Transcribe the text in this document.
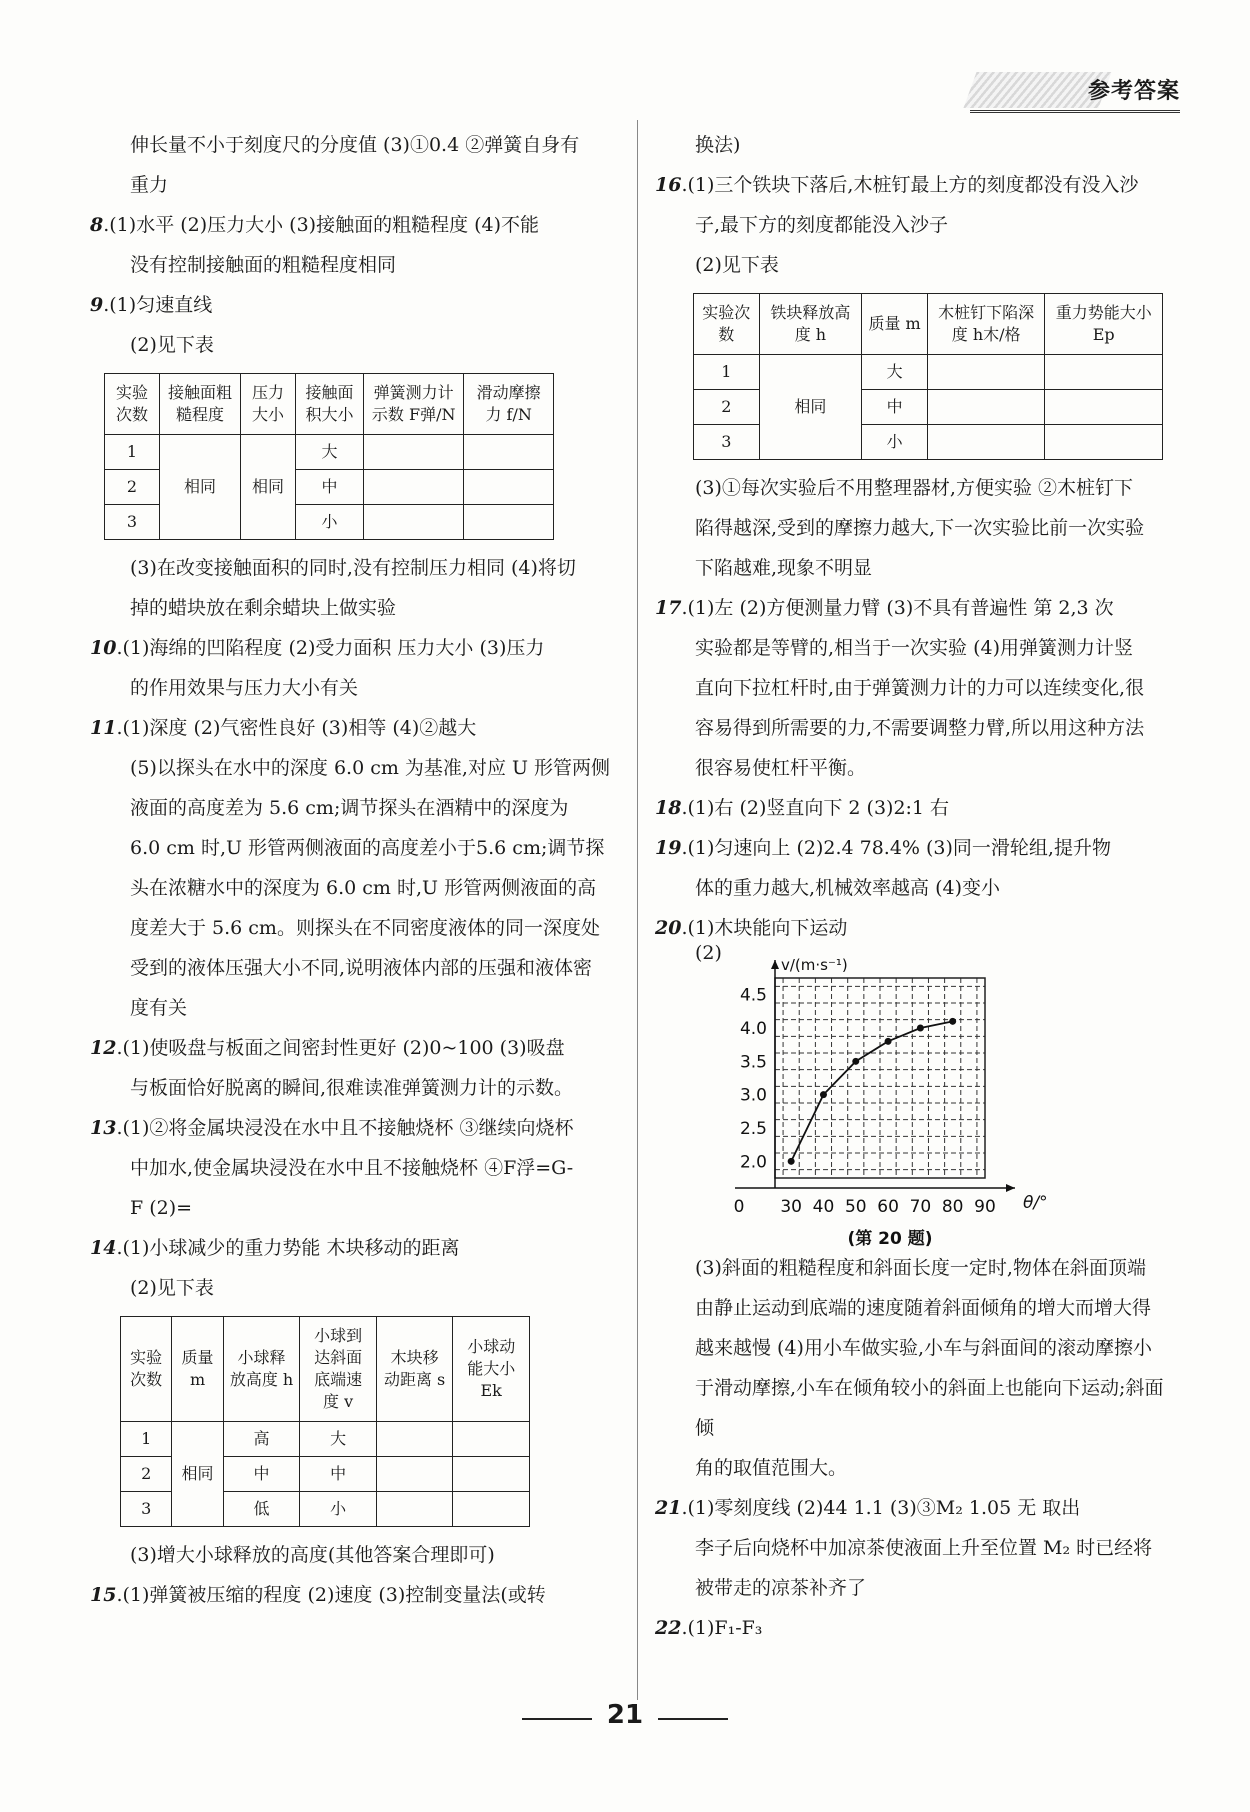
参考答案

伸长量不小于刻度尺的分度值 (3)①0.4 ②弹簧自身有

重力

8.(1)水平 (2)压力大小 (3)接触面的粗糙程度 (4)不能

没有控制接触面的粗糙程度相同

9.(1)匀速直线

(2)见下表

实验次数	接触面粗糙程度	压力大小	接触面积大小	弹簧测力计示数 F弹/N	滑动摩擦力 f/N
1	相同	相同	大		
2			中		
3			小		

(3)在改变接触面积的同时,没有控制压力相同 (4)将切

掉的蜡块放在剩余蜡块上做实验

10.(1)海绵的凹陷程度 (2)受力面积 压力大小 (3)压力

的作用效果与压力大小有关

11.(1)深度 (2)气密性良好 (3)相等 (4)②越大

(5)以探头在水中的深度 6.0 cm 为基准,对应 U 形管两侧

液面的高度差为 5.6 cm;调节探头在酒精中的深度为

6.0 cm 时,U 形管两侧液面的高度差小于5.6 cm;调节探

头在浓糖水中的深度为 6.0 cm 时,U 形管两侧液面的高

度差大于 5.6 cm。则探头在不同密度液体的同一深度处

受到的液体压强大小不同,说明液体内部的压强和液体密

度有关

12.(1)使吸盘与板面之间密封性更好 (2)0~100 (3)吸盘

与板面恰好脱离的瞬间,很难读准弹簧测力计的示数。

13.(1)②将金属块浸没在水中且不接触烧杯 ③继续向烧杯

中加水,使金属块浸没在水中且不接触烧杯 ④F浮=G-

F (2)=

14.(1)小球减少的重力势能 木块移动的距离

(2)见下表

实验次数	质量 m	小球释放高度 h	小球到达斜面底端速度 v	木块移动距离 s	小球动能大小 Ek
1	相同	高	大		
2		中	中		
3		低	小		

(3)增大小球释放的高度(其他答案合理即可)

15.(1)弹簧被压缩的程度 (2)速度 (3)控制变量法(或转

换法)

16.(1)三个铁块下落后,木桩钉最上方的刻度都没有没入沙

子,最下方的刻度都能没入沙子

(2)见下表

实验次数	铁块释放高度 h	质量 m	木桩钉下陷深度 h木/格	重力势能大小 Ep
1	相同	大		
2		中		
3		小		

(3)①每次实验后不用整理器材,方便实验 ②木桩钉下

陷得越深,受到的摩擦力越大,下一次实验比前一次实验

下陷越难,现象不明显

17.(1)左 (2)方便测量力臂 (3)不具有普遍性 第 2,3 次

实验都是等臂的,相当于一次实验 (4)用弹簧测力计竖

直向下拉杠杆时,由于弹簧测力计的力可以连续变化,很

容易得到所需要的力,不需要调整力臂,所以用这种方法

很容易使杠杆平衡。

18.(1)右 (2)竖直向下 2 (3)2:1 右

19.(1)匀速向上 (2)2.4 78.4% (3)同一滑轮组,提升物

体的重力越大,机械效率越高 (4)变小

20.(1)木块能向下运动

(2)
0 30 40 50 60 70 80 90
2.0
2.5
3.0
3.5
4.0
4.5
θ/°
v/(m·s⁻¹)
(第 20 题)

(3)斜面的粗糙程度和斜面长度一定时,物体在斜面顶端

由静止运动到底端的速度随着斜面倾角的增大而增大得

越来越慢 (4)用小车做实验,小车与斜面间的滚动摩擦小

于滑动摩擦,小车在倾角较小的斜面上也能向下运动;斜面倾

角的取值范围大。

21.(1)零刻度线 (2)44 1.1 (3)③M₂ 1.05 无 取出

李子后向烧杯中加凉茶使液面上升至位置 M₂ 时已经将

被带走的凉茶补齐了

22.(1)F₁-F₃

21
